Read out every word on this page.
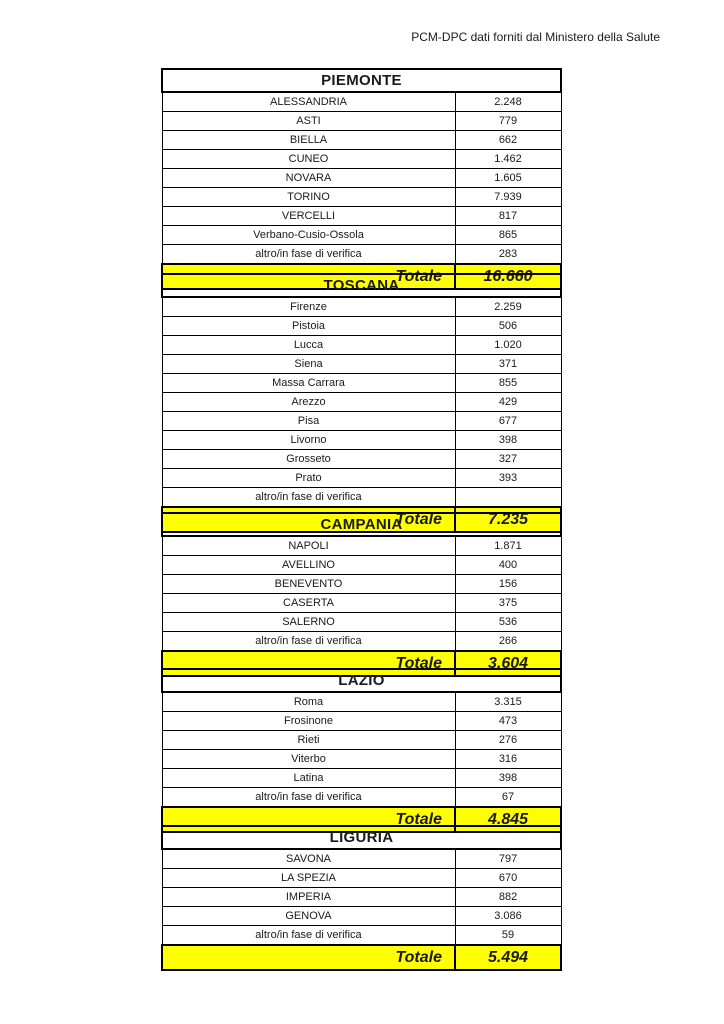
PCM-DPC dati forniti dal Ministero della Salute
PIEMONTE	
ALESSANDRIA	2.248
ASTI	779
BIELLA	662
CUNEO	1.462
NOVARA	1.605
TORINO	7.939
VERCELLI	817
Verbano-Cusio-Ossola	865
altro/in fase di verifica	283
Totale	16.660
TOSCANA	
Firenze	2.259
Pistoia	506
Lucca	1.020
Siena	371
Massa Carrara	855
Arezzo	429
Pisa	677
Livorno	398
Grosseto	327
Prato	393
altro/in fase di verifica	
Totale	7.235
CAMPANIA	
NAPOLI	1.871
AVELLINO	400
BENEVENTO	156
CASERTA	375
SALERNO	536
altro/in fase di verifica	266
Totale	3.604
LAZIO	
Roma	3.315
Frosinone	473
Rieti	276
Viterbo	316
Latina	398
altro/in fase di verifica	67
Totale	4.845
LIGURIA	
SAVONA	797
LA SPEZIA	670
IMPERIA	882
GENOVA	3.086
altro/in fase di verifica	59
Totale	5.494
